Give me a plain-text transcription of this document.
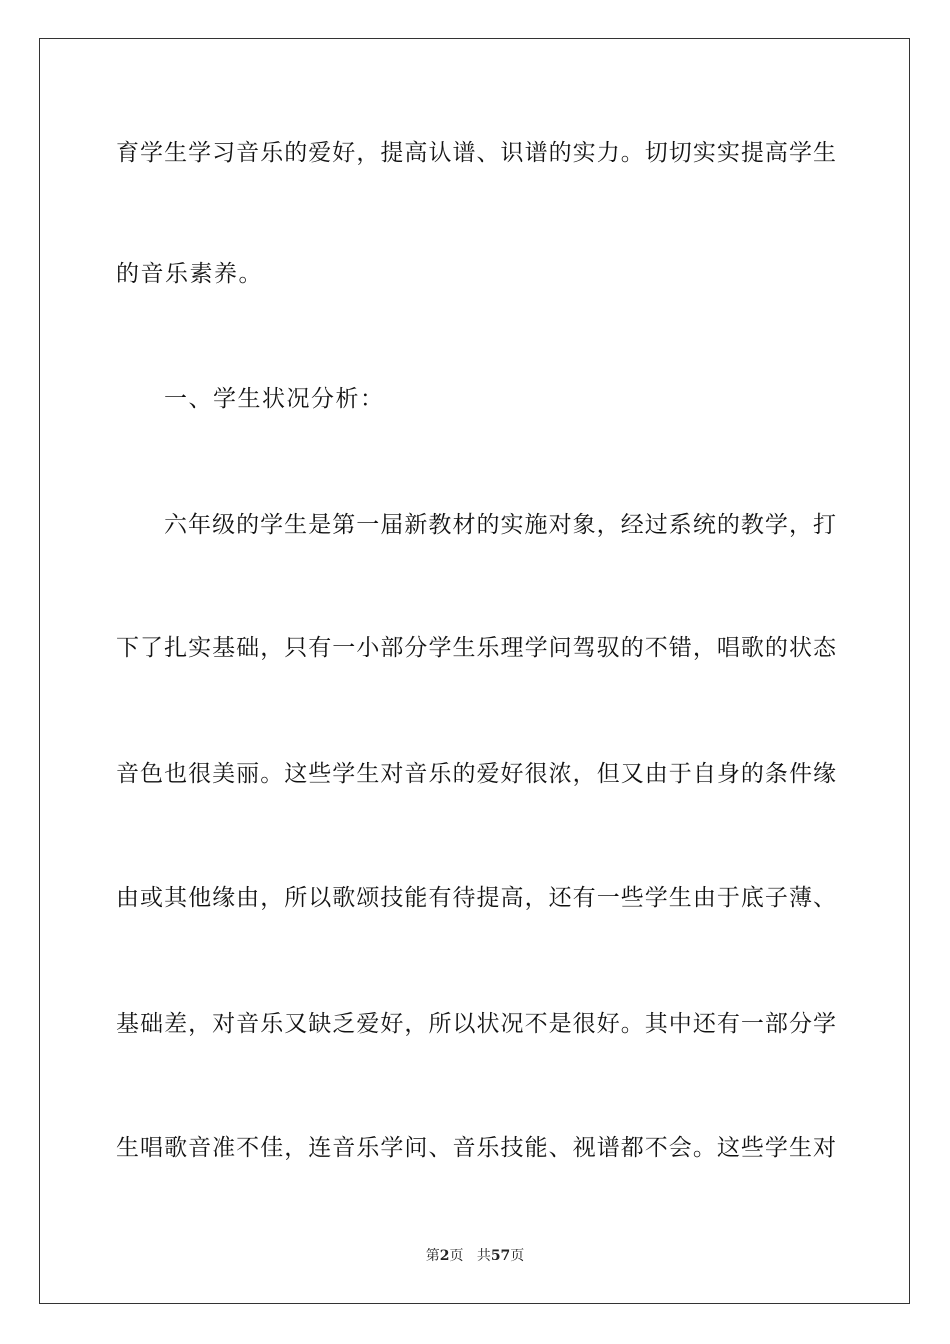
育学生学习音乐的爱好，提高认谱、识谱的实力。切切实实提高学生
的音乐素养。
一、学生状况分析：
六年级的学生是第一届新教材的实施对象，经过系统的教学，打
下了扎实基础，只有一小部分学生乐理学问驾驭的不错，唱歌的状态
音色也很美丽。这些学生对音乐的爱好很浓，但又由于自身的条件缘
由或其他缘由，所以歌颂技能有待提高，还有一些学生由于底子薄、
基础差，对音乐又缺乏爱好，所以状况不是很好。其中还有一部分学
生唱歌音准不佳，连音乐学问、音乐技能、视谱都不会。这些学生对
第2页 共57页
